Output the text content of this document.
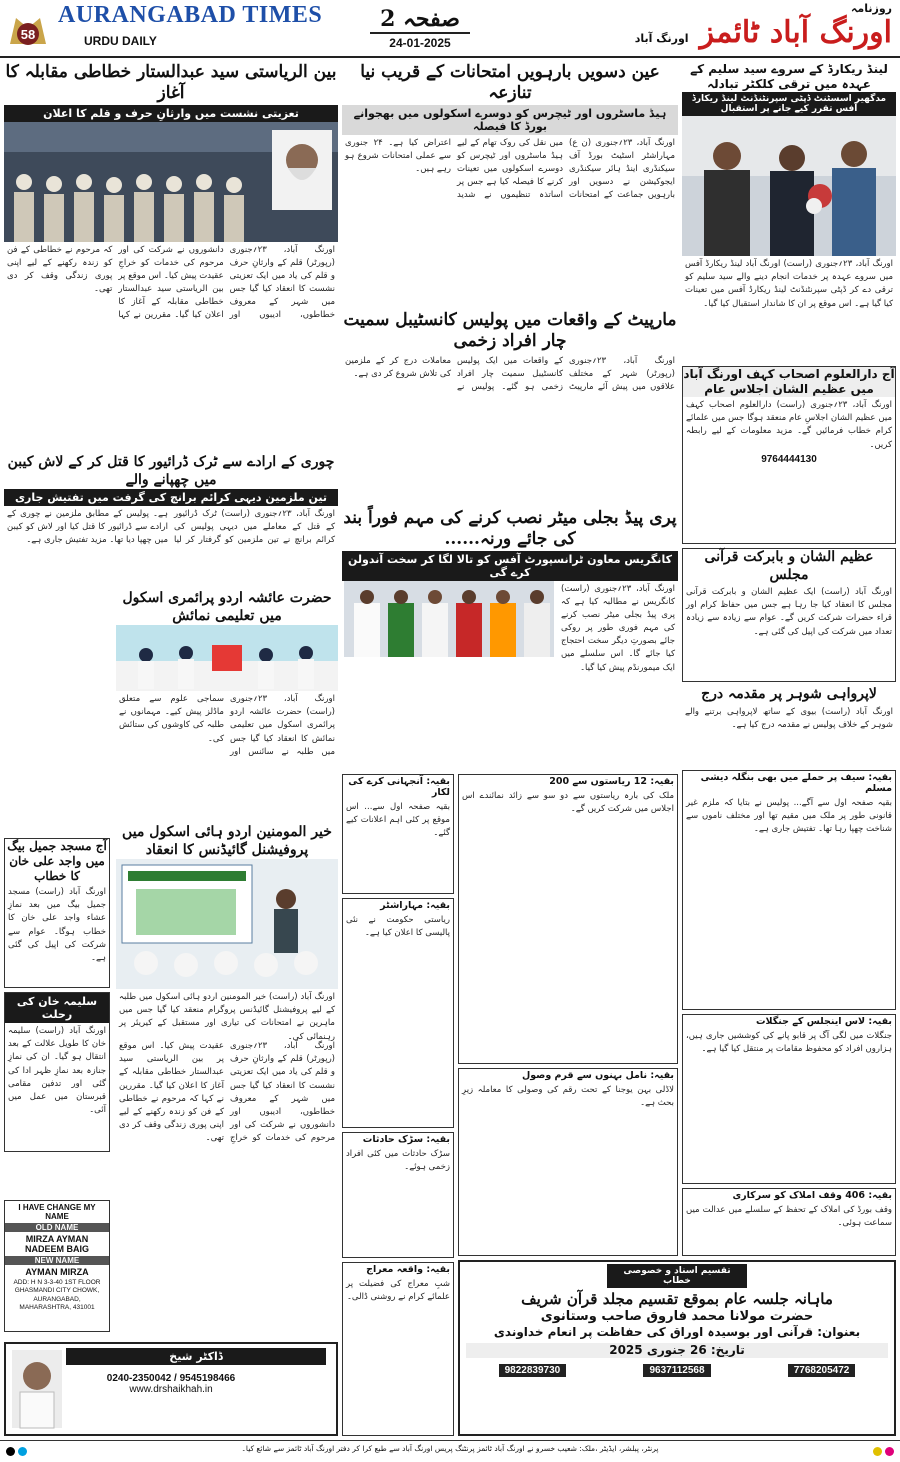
58
AURANGABAD TIMES
URDU DAILY
صفحہ 2
24-01-2025
روزنامہ
اورنگ آباد ٹائمز اورنگ آباد
لینڈ ریکارڈ کے سروے سید سلیم کے عہدہ میں ترقی کلکٹر تبادلہ
مدگھیر اسسٹنٹ ڈپٹی سپرنٹنڈنٹ لینڈ ریکارڈ آفس تقرر کیے جانے پر استقبال
اورنگ آباد، ۲۳؍جنوری (راست) اورنگ آباد لینڈ ریکارڈ آفس میں سروے عہدہ پر خدمات انجام دینے والے سید سلیم کو ترقی دے کر ڈپٹی سپرنٹنڈنٹ لینڈ ریکارڈ آفس میں تعینات کیا گیا ہے۔ اس موقع پر ان کا شاندار استقبال کیا گیا۔
آج دارالعلوم اصحاب کہف اورنگ آباد میں عظیم الشان اجلاس عام
اورنگ آباد، ۲۳؍جنوری (راست) دارالعلوم اصحاب کہف میں عظیم الشان اجلاسِ عام منعقد ہوگا جس میں علمائے کرام خطاب فرمائیں گے۔ مزید معلومات کے لیے رابطہ کریں۔
9764444130
عظیم الشان و بابرکت قرآنی مجلس
اورنگ آباد (راست) ایک عظیم الشان و بابرکت قرآنی مجلس کا انعقاد کیا جا رہا ہے جس میں حفاظ کرام اور قراء حضرات شرکت کریں گے۔ عوام سے زیادہ سے زیادہ تعداد میں شرکت کی اپیل کی گئی ہے۔
لاپرواہی شوہر پر مقدمہ درج
اورنگ آباد (راست) بیوی کے ساتھ لاپرواہی برتنے والے شوہر کے خلاف پولیس نے مقدمہ درج کیا ہے۔
بقیہ: سیف پر حملے میں بھی بنگلہ دیشی مسلم
بقیہ صفحہ اول سے آگے... پولیس نے بتایا کہ ملزم غیر قانونی طور پر ملک میں مقیم تھا اور مختلف ناموں سے شناخت چھپا رہا تھا۔ تفتیش جاری ہے۔
بقیہ: لاس اینجلس کے جنگلات
جنگلات میں لگی آگ پر قابو پانے کی کوششیں جاری ہیں، ہزاروں افراد کو محفوظ مقامات پر منتقل کیا گیا ہے۔
بقیہ: 406 وقف املاک کو سرکاری
وقف بورڈ کی املاک کے تحفظ کے سلسلے میں عدالت میں سماعت ہوئی۔
عین دسویں بارہویں امتحانات کے قریب نیا تنازعہ
ہیڈ ماسٹروں اور ٹیچرس کو دوسرے اسکولوں میں بھجوانے بورڈ کا فیصلہ
اورنگ آباد، ۲۳؍جنوری (ن ع) مہاراشٹر اسٹیٹ بورڈ آف سیکنڈری اینڈ ہائر سیکنڈری ایجوکیشن نے دسویں اور بارہویں جماعت کے امتحانات میں نقل کی روک تھام کے لیے ہیڈ ماسٹروں اور ٹیچرس کو دوسرے اسکولوں میں تعینات کرنے کا فیصلہ کیا ہے جس پر اساتذہ تنظیموں نے شدید اعتراض کیا ہے۔ ۲۴ جنوری سے عملی امتحانات شروع ہو رہے ہیں۔
مارپیٹ کے واقعات میں پولیس کانسٹیبل سمیت چار افراد زخمی
اورنگ آباد، ۲۳؍جنوری (رپورٹر) شہر کے مختلف علاقوں میں پیش آئے مارپیٹ کے واقعات میں ایک پولیس کانسٹیبل سمیت چار افراد زخمی ہو گئے۔ پولیس نے معاملات درج کر کے ملزمین کی تلاش شروع کر دی ہے۔
پری پیڈ بجلی میٹر نصب کرنے کی مہم فوراً بند کی جائے ورنہ......
کانگریس معاون ٹرانسپورٹ آفس کو تالا لگا کر سخت آندولن کرے گی
اورنگ آباد، ۲۳؍جنوری (راست) کانگریس نے مطالبہ کیا ہے کہ پری پیڈ بجلی میٹر نصب کرنے کی مہم فوری طور پر روکی جائے بصورتِ دیگر سخت احتجاج کیا جائے گا۔ اس سلسلے میں ایک میمورنڈم پیش کیا گیا۔
بقیہ: آنجہانی کرے کی لکار
بقیہ صفحہ اول سے... اس موقع پر کئی اہم اعلانات کیے گئے۔
بقیہ: 12 ریاستوں سے 200
ملک کی بارہ ریاستوں سے دو سو سے زائد نمائندے اس اجلاس میں شرکت کریں گے۔
بقیہ: مہاراشٹر
ریاستی حکومت نے نئی پالیسی کا اعلان کیا ہے۔
بقیہ: نامل بہنوں سے قرم وصول
لاڈلی بہن یوجنا کے تحت رقم کی وصولی کا معاملہ زیرِ بحث ہے۔
بقیہ: سڑک حادثات
سڑک حادثات میں کئی افراد زخمی ہوئے۔
بقیہ: واقعہ معراج
شبِ معراج کی فضیلت پر علمائے کرام نے روشنی ڈالی۔
تقسیم اسناد و خصوصی خطاب
ماہانہ جلسہ عام بموقع تقسیم مجلد قرآن شریف
حضرت مولانا محمد فاروق صاحب وستانوی
بعنوان: قرآنی اور بوسیدہ اوراق کی حفاظت پر انعام خداوندی
تاریخ: 26 جنوری 2025
9822839730	9637112568	7768205472
بین الریاستی سید عبدالستار خطاطی مقابلہ کا آغاز
تعزیتی نشست میں وارثانِ حرف و قلم کا اعلان
اورنگ آباد، ۲۳؍جنوری (رپورٹر) قلم کے وارثانِ حرف و قلم کی یاد میں ایک تعزیتی نشست کا انعقاد کیا گیا جس میں شہر کے معروف خطاطوں، ادیبوں اور دانشوروں نے شرکت کی اور مرحوم کی خدمات کو خراجِ عقیدت پیش کیا۔ اس موقع پر بین الریاستی سید عبدالستار خطاطی مقابلہ کے آغاز کا اعلان کیا گیا۔ مقررین نے کہا کہ مرحوم نے خطاطی کے فن کو زندہ رکھنے کے لیے اپنی پوری زندگی وقف کر دی تھی۔
چوری کے ارادے سے ٹرک ڈرائیور کا قتل کر کے لاش کیبن میں چھپانے والے
تین ملزمین دیہی کرائم برانچ کی گرفت میں تفتیش جاری
اورنگ آباد، ۲۳؍جنوری (راست) ٹرک ڈرائیور کے قتل کے معاملے میں دیہی پولیس کی کرائم برانچ نے تین ملزمین کو گرفتار کر لیا ہے۔ پولیس کے مطابق ملزمین نے چوری کے ارادے سے ڈرائیور کا قتل کیا اور لاش کو کیبن میں چھپا دیا تھا۔ مزید تفتیش جاری ہے۔
حضرت عائشہ اردو پرائمری اسکول میں تعلیمی نمائش
اورنگ آباد، ۲۳؍جنوری (راست) حضرت عائشہ اردو پرائمری اسکول میں تعلیمی نمائش کا انعقاد کیا گیا جس میں طلبہ نے سائنس اور سماجی علوم سے متعلق ماڈلز پیش کیے۔ مہمانوں نے طلبہ کی کاوشوں کی ستائش کی۔
خیر المومنین اردو ہائی اسکول میں پروفیشنل گائیڈنس کا انعقاد
اورنگ آباد (راست) خیر المومنین اردو ہائی اسکول میں طلبہ کے لیے پروفیشنل گائیڈنس پروگرام منعقد کیا گیا جس میں ماہرین نے امتحانات کی تیاری اور مستقبل کے کیریئر پر رہنمائی کی۔
اورنگ آباد، ۲۳؍جنوری (رپورٹر) قلم کے وارثانِ حرف و قلم کی یاد میں ایک تعزیتی نشست کا انعقاد کیا گیا جس میں شہر کے معروف خطاطوں، ادیبوں اور دانشوروں نے شرکت کی اور مرحوم کی خدمات کو خراجِ عقیدت پیش کیا۔ اس موقع پر بین الریاستی سید عبدالستار خطاطی مقابلہ کے آغاز کا اعلان کیا گیا۔ مقررین نے کہا کہ مرحوم نے خطاطی کے فن کو زندہ رکھنے کے لیے اپنی پوری زندگی وقف کر دی تھی۔
آج مسجد جمیل بیگ میں واجد علی خان کا خطاب
اورنگ آباد (راست) مسجد جمیل بیگ میں بعد نمازِ عشاء واجد علی خان کا خطاب ہوگا۔ عوام سے شرکت کی اپیل کی گئی ہے۔
سلیمہ خان کی رحلت
اورنگ آباد (راست) سلیمہ خان کا طویل علالت کے بعد انتقال ہو گیا۔ ان کی نمازِ جنازہ بعد نمازِ ظہر ادا کی گئی اور تدفین مقامی قبرستان میں عمل میں آئی۔
I HAVE CHANGE MY NAME
OLD NAME
MIRZA AYMAN NADEEM BAIG
NEW NAME
AYMAN MIRZA
ADD: H N 3-3-40 1ST FLOOR GHASMANDI CITY CHOWK, AURANGABAD, MAHARASHTRA, 431001
ڈاکٹر شیخ
0240-2350042 / 9545198466
www.drshaikhah.in
پرنٹر، پبلشر، ایڈیٹر ،ملک: شعیب خسرو نے اورنگ آباد ٹائمز پرنٹنگ پریس اورنگ آباد سے طبع کرا کر دفتر اورنگ آباد ٹائمز سے شائع کیا۔
